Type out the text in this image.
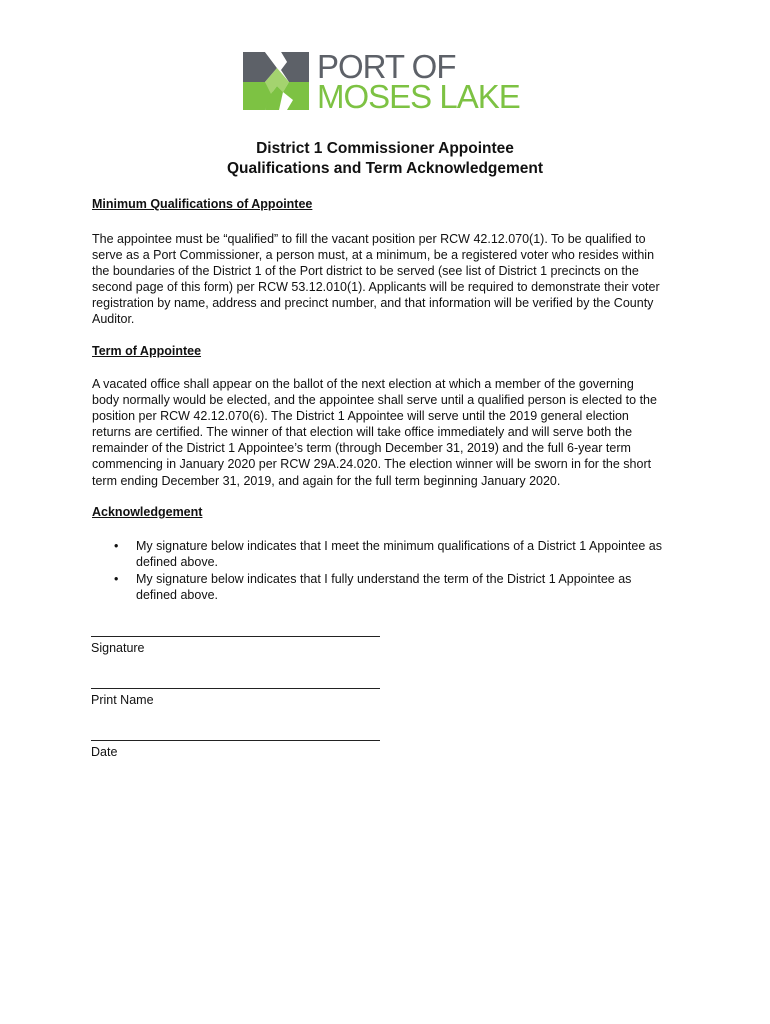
PORT OF
MOSES LAKE
District 1 Commissioner Appointee
Qualifications and Term Acknowledgement
Minimum Qualifications of Appointee
The appointee must be “qualified” to fill the vacant position per RCW 42.12.070(1). To be qualified to
serve as a Port Commissioner, a person must, at a minimum, be a registered voter who resides within
the boundaries of the District 1 of the Port district to be served (see list of District 1 precincts on the
second page of this form) per RCW 53.12.010(1). Applicants will be required to demonstrate their voter
registration by name, address and precinct number, and that information will be verified by the County
Auditor.
Term of Appointee
A vacated office shall appear on the ballot of the next election at which a member of the governing
body normally would be elected, and the appointee shall serve until a qualified person is elected to the
position per RCW 42.12.070(6). The District 1 Appointee will serve until the 2019 general election
returns are certified. The winner of that election will take office immediately and will serve both the
remainder of the District 1 Appointee’s term (through December 31, 2019) and the full 6-year term
commencing in January 2020 per RCW 29A.24.020. The election winner will be sworn in for the short
term ending December 31, 2019, and again for the full term beginning January 2020.
Acknowledgement
• My signature below indicates that I meet the minimum qualifications of a District 1 Appointee as
defined above.
• My signature below indicates that I fully understand the term of the District 1 Appointee as
defined above.
Signature
Print Name
Date
